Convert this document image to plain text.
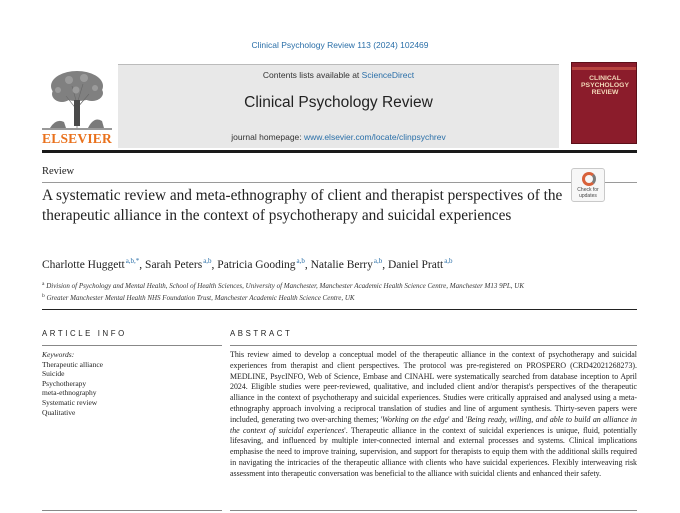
Clinical Psychology Review 113 (2024) 102469
ELSEVIER
Contents lists available at ScienceDirect
Clinical Psychology Review
journal homepage: www.elsevier.com/locate/clinpsychrev
CLINICAL
PSYCHOLOGY
REVIEW
Review
A systematic review and meta-ethnography of client and therapist perspectives of the therapeutic alliance in the context of psychotherapy and suicidal experiences
Check for
updates
Charlotte Huggett $^{a,b,*}$, Sarah Peters $^{a,b}$, Patricia Gooding $^{a,b}$, Natalie Berry $^{a,b}$, Daniel Pratt $^{a,b}$
$^a$ Division of Psychology and Mental Health, School of Health Sciences, University of Manchester, Manchester Academic Health Science Centre, Manchester M13 9PL, UK
$^b$ Greater Manchester Mental Health NHS Foundation Trust, Manchester Academic Health Science Centre, UK
ARTICLE INFO	ABSTRACT
Keywords:
Therapeutic alliance
Suicide
Psychotherapy
meta-ethnography
Systematic review
Qualitative
This review aimed to develop a conceptual model of the therapeutic alliance in the context of psychotherapy and suicidal experiences from therapist and client perspectives. The protocol was pre-registered on PROSPERO (CRD42021268273). MEDLINE, PsycINFO, Web of Science, Embase and CINAHL were systematically searched from database inception to April 2024. Eligible studies were peer-reviewed, qualitative, and included client and/or therapist's perspectives of the therapeutic alliance in the context of psychotherapy and suicidal experiences. Studies were critically appraised and analysed using a meta-ethnography approach involving a reciprocal translation of studies and line of argument synthesis. Thirty-seven papers were included, generating two over-arching themes; 'Working on the edge' and 'Being ready, willing, and able to build an alliance in the context of suicidal experiences'. Therapeutic alliance in the context of suicidal experiences is unique, fluid, potentially lifesaving, and influenced by multiple inter-connected internal and external processes and systems. Clinical implications emphasise the need to improve training, supervision, and support for therapists to equip them with the additional skills required in navigating the intricacies of the therapeutic alliance with clients who have suicidal experiences. Flexibly interweaving risk assessment into therapeutic conversation was beneficial to the alliance with suicidal clients and enhanced their safety.
